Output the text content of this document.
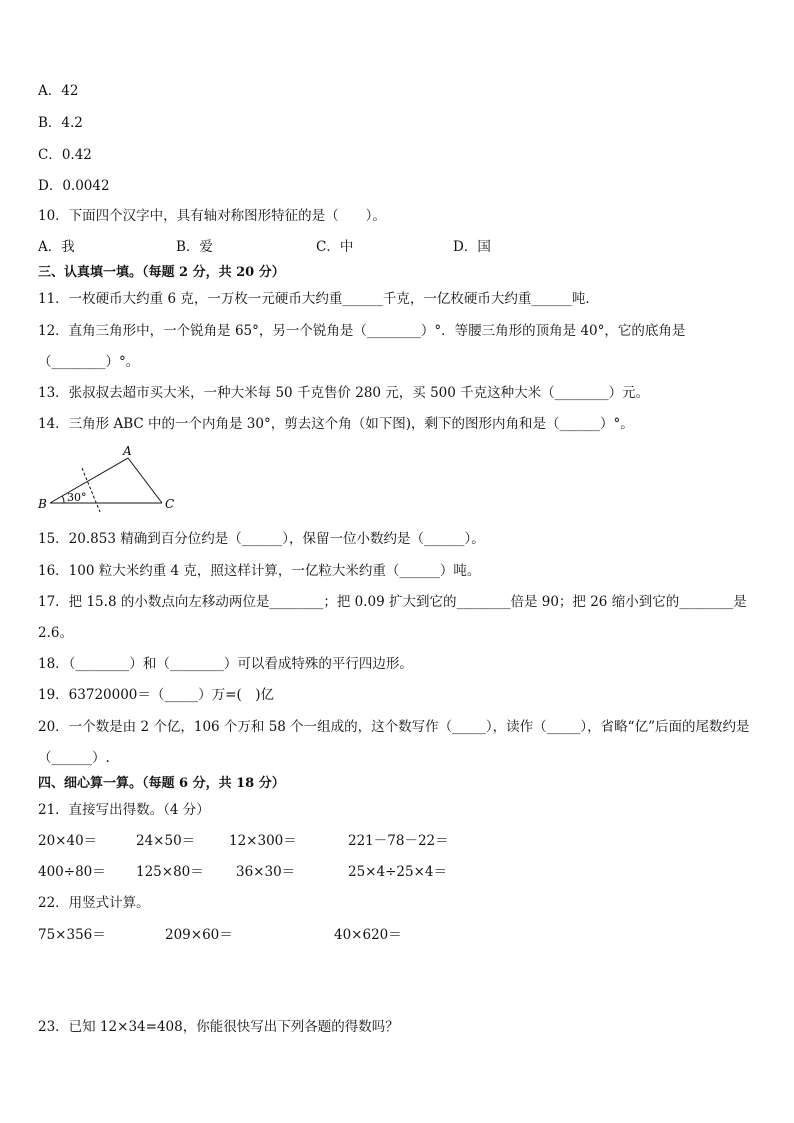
A．42
B．4.2
C．0.42
D．0.0042
10．下面四个汉字中，具有轴对称图形特征的是（　　）。
A．我	B．爱	C．中	D．国
三、认真填一填。（每题 2 分，共 20 分）
11．一枚硬币大约重 6 克，一万枚一元硬币大约重______千克，一亿枚硬币大约重______吨．
12．直角三角形中，一个锐角是 65°，另一个锐角是（________）°．等腰三角形的顶角是 40°，它的底角是
（________）°。
13．张叔叔去超市买大米，一种大米每 50 千克售价 280 元，买 500 千克这种大米（________）元。
14．三角形 ABC 中的一个内角是 30°，剪去这个角（如下图)，剩下的图形内角和是（______）°。
A
B	C
30°
15．20.853 精确到百分位约是（______），保留一位小数约是（______）。
16．100 粒大米约重 4 克，照这样计算，一亿粒大米约重（______）吨。
17．把 15.8 的小数点向左移动两位是________；把 0.09 扩大到它的________倍是 90；把 26 缩小到它的________是
2.6。
18．（________）和（________）可以看成特殊的平行四边形。
19．63720000＝（_____）万=(　)亿
20．一个数是由 2 个亿，106 个万和 58 个一组成的，这个数写作（_____），读作（_____），省略“亿”后面的尾数约是
（______）.
四、细心算一算。（每题 6 分，共 18 分）
21．直接写出得数。（4 分）
20×40＝	24×50＝	12×300＝	221－78－22＝
400÷80＝ 125×80＝ 36×30＝	25×4÷25×4＝
22．用竖式计算。
75×356＝	209×60＝	40×620＝
23．已知 12×34=408，你能很快写出下列各题的得数吗？
